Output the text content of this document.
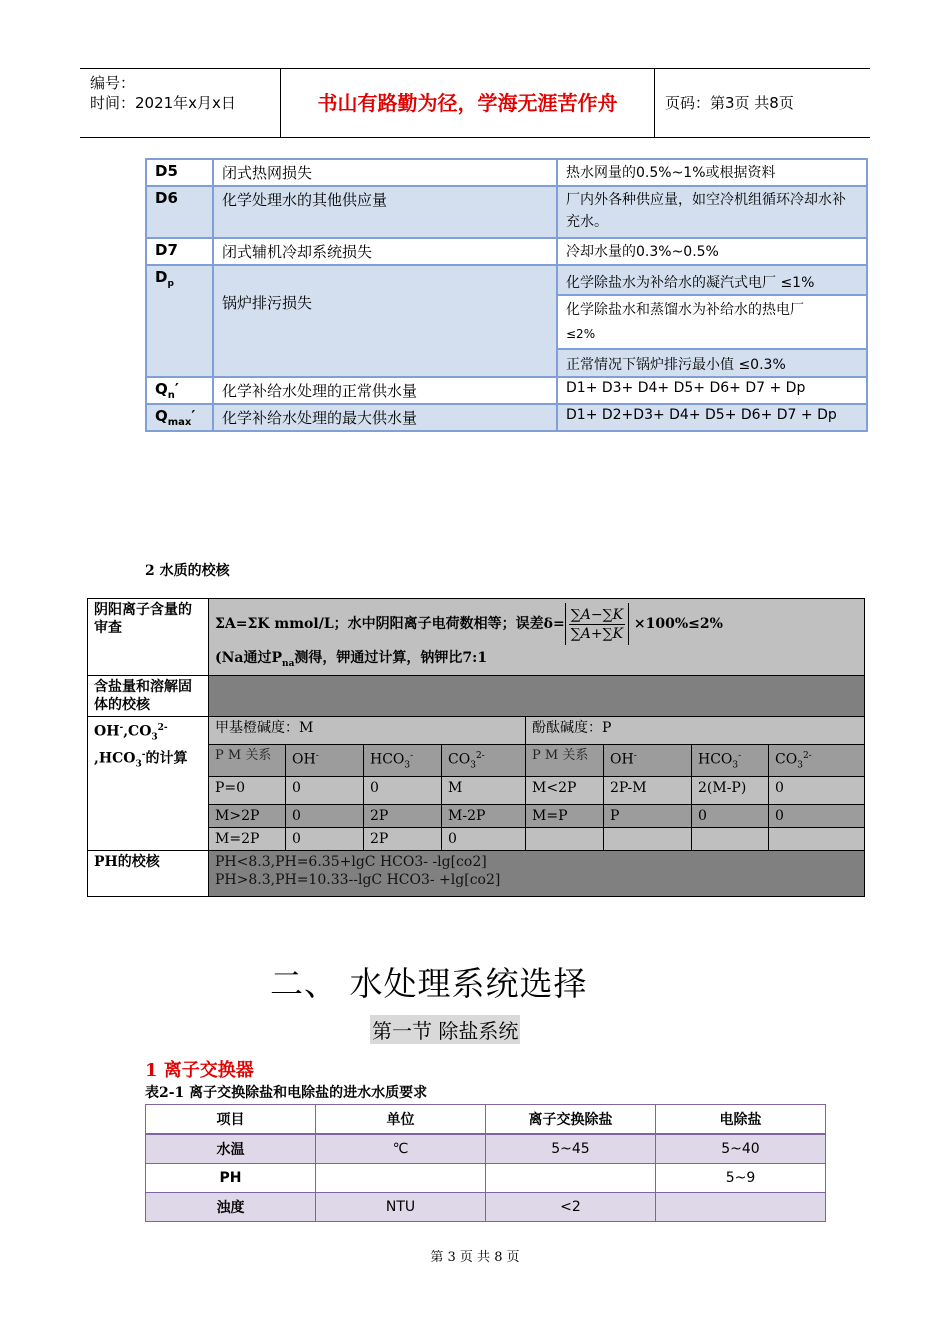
编号：
时间：2021年x月x日	书山有路勤为径，学海无涯苦作舟	页码：第3页 共8页
D5	闭式热网损失	热水网量的0.5%~1%或根据资料
D6	化学处理水的其他供应量	厂内外各种供应量，如空冷机组循环冷却水补充水。
D7	闭式辅机冷却系统损失	冷却水量的0.3%~0.5%
$D_p$	锅炉排污损失	化学除盐水为补给水的凝汽式电厂 ≤1%

		化学除盐水和蒸馏水为补给水的热电厂
≤2%

		正常情况下锅炉排污最小值 ≤0.3%
$Q_n'$	化学补给水处理的正常供水量	D1+ D3+ D4+ D5+ D6+ D7 + Dp
$Q_{max}'$	化学补给水处理的最大供水量	D1+ D2+D3+ D4+ D5+ D6+ D7 + Dp
2 水质的校核
阴阳离子含量的审查	ΣA=ΣK mmol/L；水中阴阳离子电荷数相等；误差$\delta= \frac{\sum A-\sum K}{\sum A+\sum K} \times 100\%\le 2\%$
(Na通过$P_{na}$测得，钾通过计算，钠钾比7:1							

含盐量和溶解固体的校核								
$OH^-,CO_3^{2-}$ $,HCO_3^-$的计算	甲基橙碱度：M				酚酞碱度：P			
	P M 关系	OH-	$HCO_3^-$	$CO_3^{2-}$	P M 关系	OH-	$HCO_3^-$	$CO_3^{2-}$
	P=0	0	0	M	M<2P	2P-M	2(M-P)	0
	M>2P	0	2P	M-2P	M=P	P	0	0
	M=2P	0	2P	0				
PH的校核	PH<8.3,PH=6.35+lgC HCO3- -lg[co2]
PH>8.3,PH=10.33--lgC HCO3- +lg[co2]							
二、 水处理系统选择
第一节 除盐系统
1 离子交换器
表2-1 离子交换除盐和电除盐的进水水质要求
项目	单位	离子交换除盐	电除盐
水温	℃	5~45	5~40
PH			5~9
浊度	NTU	<2	
第 3 页 共 8 页
